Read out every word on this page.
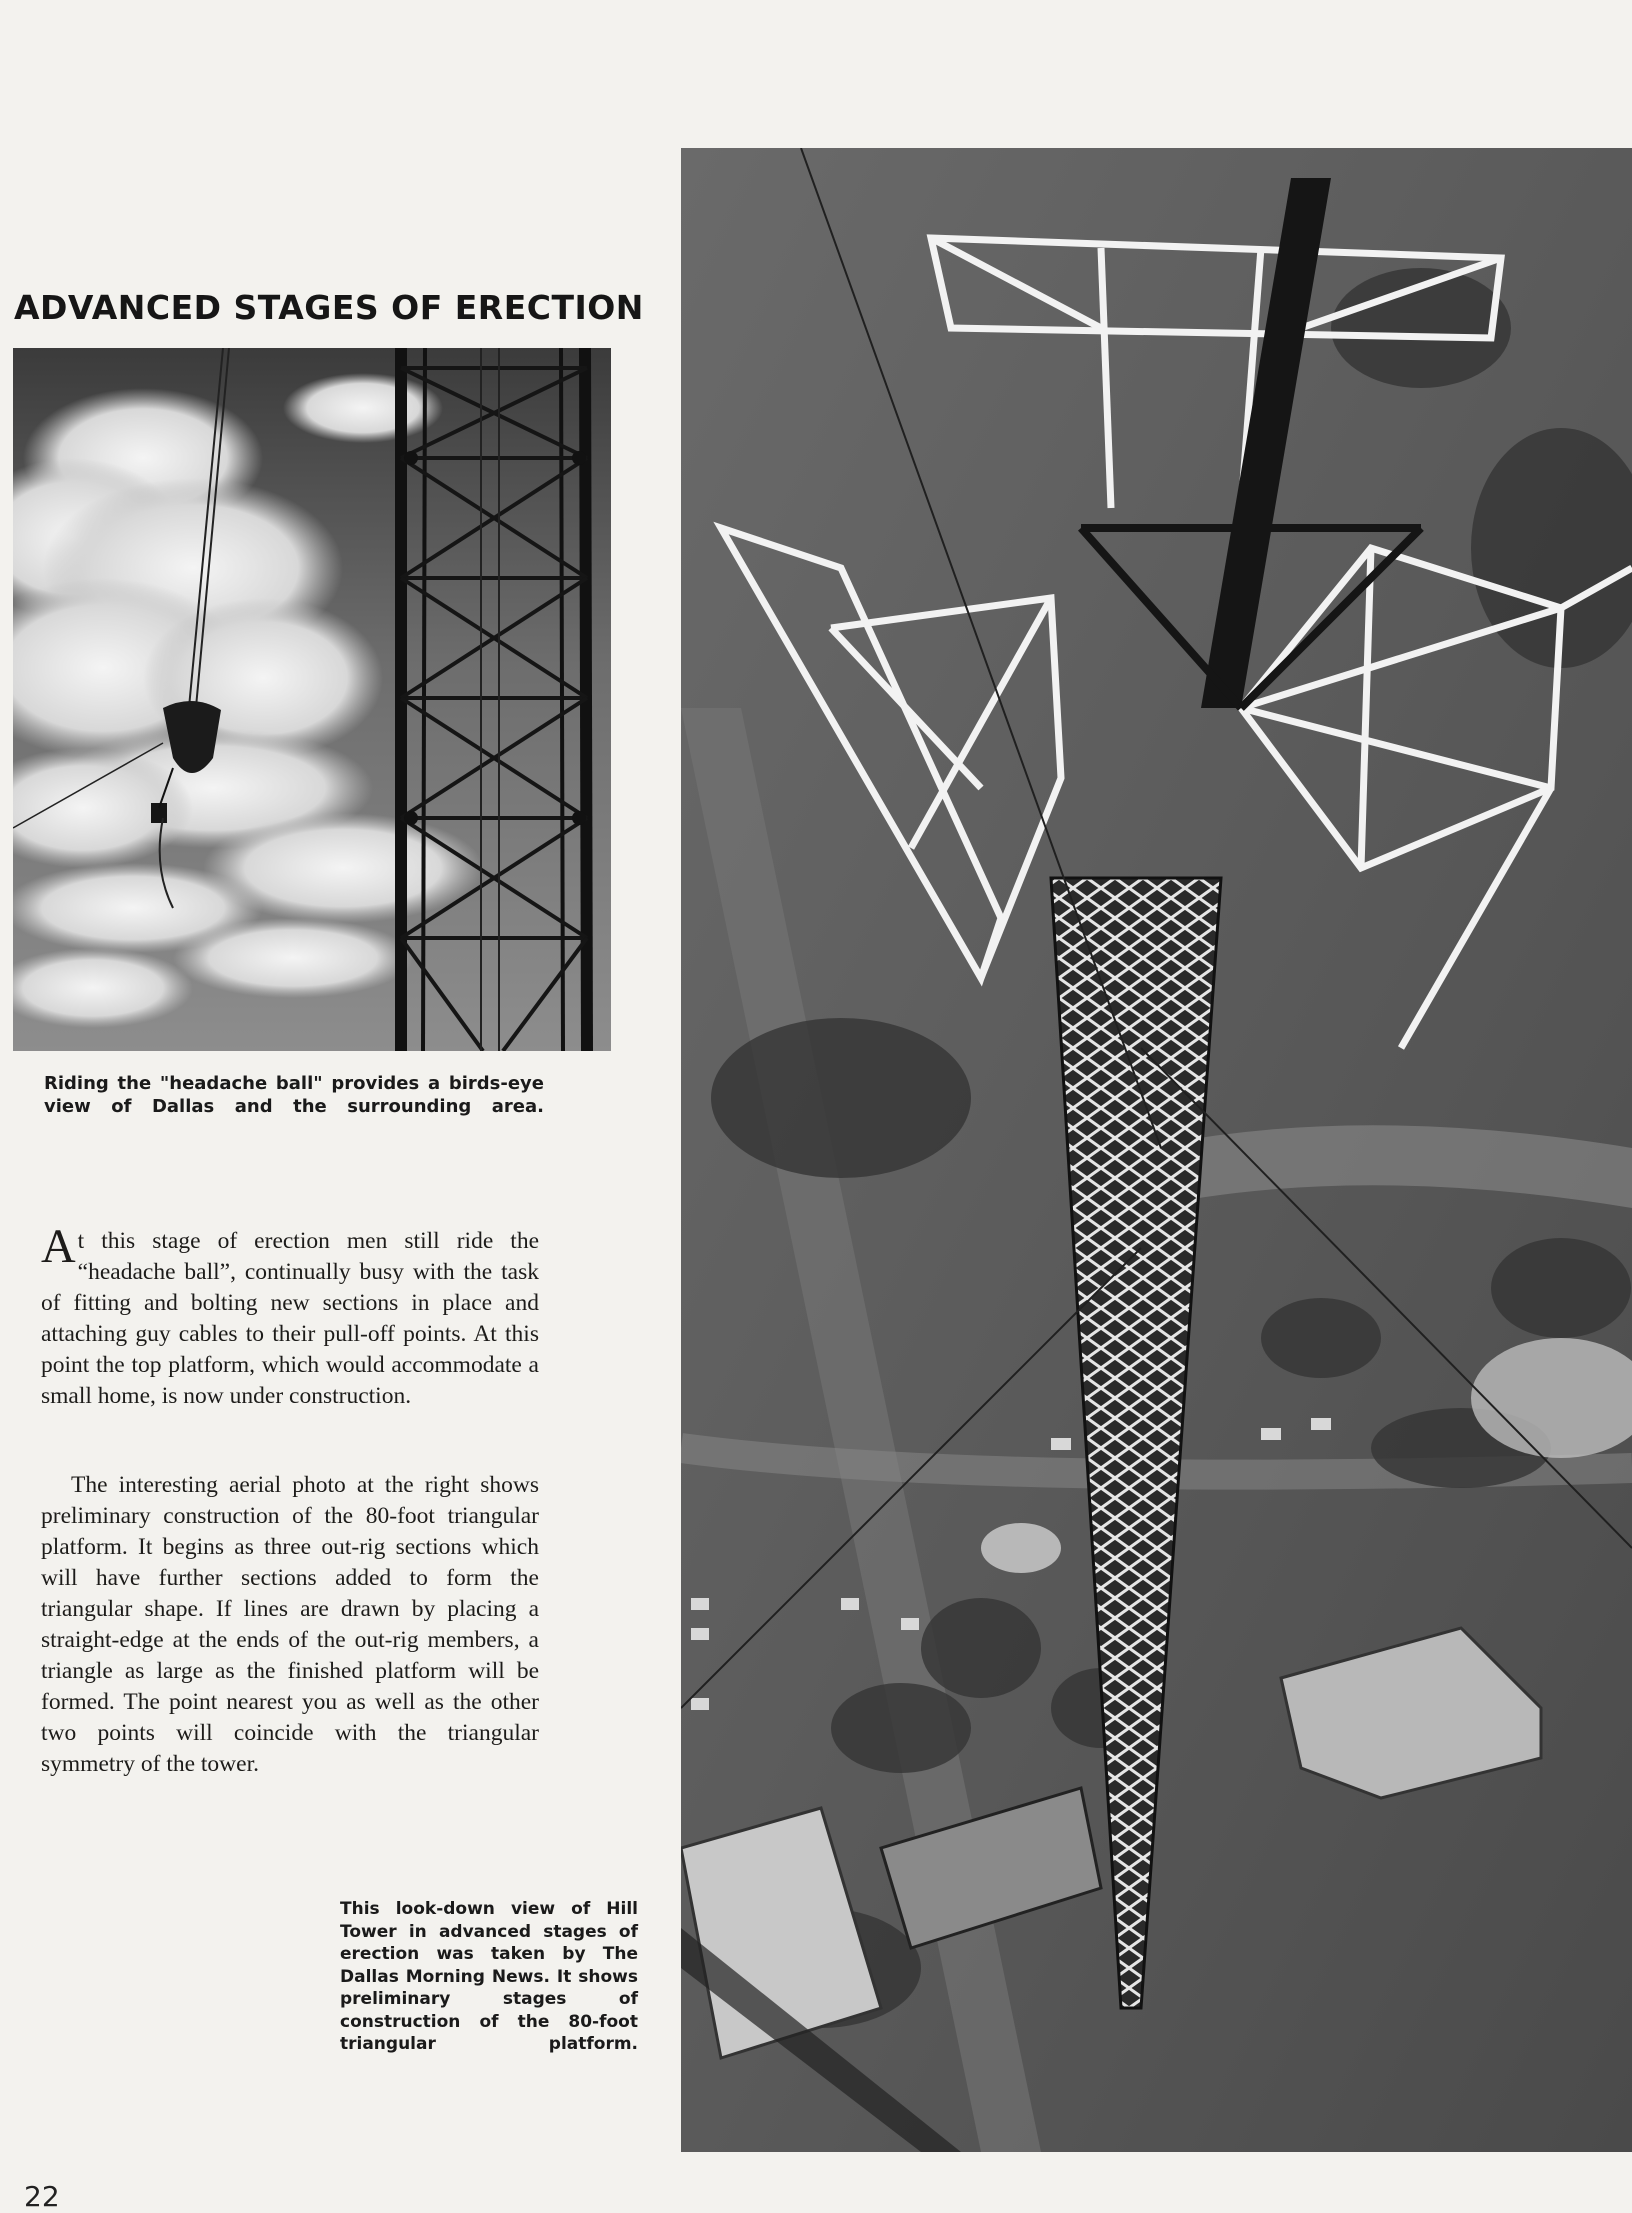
ADVANCED STAGES OF ERECTION
Riding the "headache ball" provides a birds-eye view of Dallas and the surrounding area.

At this stage of erection men still ride the “headache ball”, continually busy with the task of fitting and bolting new sections in place and attaching guy cables to their pull-off points. At this point the top platform, which would accommodate a small home, is now under construction.

The interesting aerial photo at the right shows preliminary construction of the 80-foot triangular platform. It begins as three out-rig sections which will have further sections added to form the triangular shape. If lines are drawn by placing a straight-edge at the ends of the out-rig members, a triangle as large as the finished platform will be formed. The point nearest you as well as the other two points will coincide with the triangular symmetry of the tower.
This look-down view of Hill Tower in advanced stages of erection was taken by The Dallas Morning News. It shows preliminary stages of construction of the 80-foot triangular platform.
22
